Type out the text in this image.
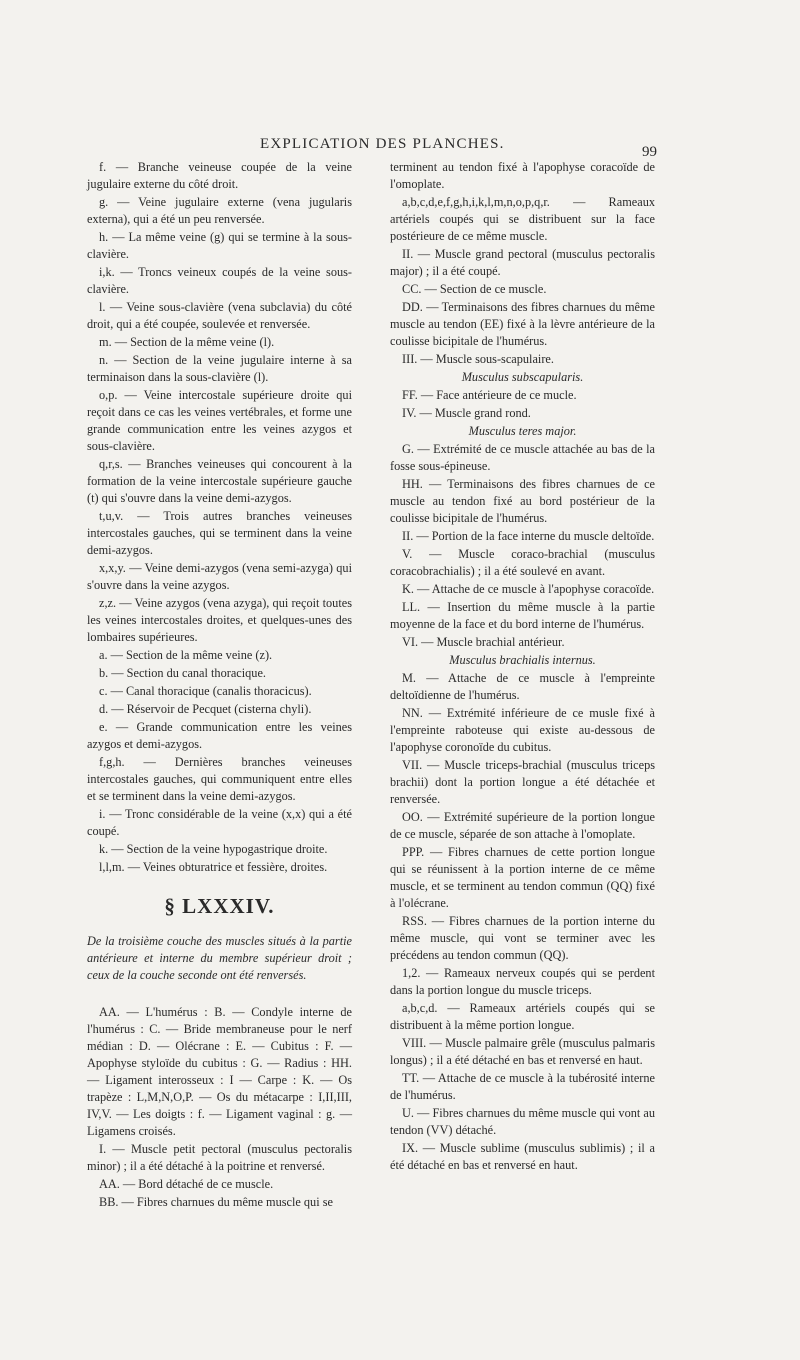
EXPLICATION DES PLANCHES.	99

f. — Branche veineuse coupée de la veine jugulaire externe du côté droit.

g. — Veine jugulaire externe (vena jugularis externa), qui a été un peu renversée.

h. — La même veine (g) qui se termine à la sous-clavière.

i,k. — Troncs veineux coupés de la veine sous-clavière.

l. — Veine sous-clavière (vena subclavia) du côté droit, qui a été coupée, soulevée et renversée.

m. — Section de la même veine (l).

n. — Section de la veine jugulaire interne à sa terminaison dans la sous-clavière (l).

o,p. — Veine intercostale supérieure droite qui reçoit dans ce cas les veines vertébrales, et forme une grande communication entre les veines azygos et sous-clavière.

q,r,s. — Branches veineuses qui concourent à la formation de la veine intercostale supérieure gauche (t) qui s'ouvre dans la veine demi-azygos.

t,u,v. — Trois autres branches veineuses intercostales gauches, qui se terminent dans la veine demi-azygos.

x,x,y. — Veine demi-azygos (vena semi-azyga) qui s'ouvre dans la veine azygos.

z,z. — Veine azygos (vena azyga), qui reçoit toutes les veines intercostales droites, et quelques-unes des lombaires supérieures.

a. — Section de la même veine (z).

b. — Section du canal thoracique.

c. — Canal thoracique (canalis thoracicus).

d. — Réservoir de Pecquet (cisterna chyli).

e. — Grande communication entre les veines azygos et demi-azygos.

f,g,h. — Dernières branches veineuses intercostales gauches, qui communiquent entre elles et se terminent dans la veine demi-azygos.

i. — Tronc considérable de la veine (x,x) qui a été coupé.

k. — Section de la veine hypogastrique droite.

l,l,m. — Veines obturatrice et fessière, droites.

§ LXXXIV.

De la troisième couche des muscles situés à la partie antérieure et interne du membre supérieur droit ; ceux de la couche seconde ont été renversés.

AA. — L'humérus : B. — Condyle interne de l'humérus : C. — Bride membraneuse pour le nerf médian : D. — Olécrane : E. — Cubitus : F. — Apophyse styloïde du cubitus : G. — Radius : HH. — Ligament interosseux : I — Carpe : K. — Os trapèze : L,M,N,O,P. — Os du métacarpe : I,II,III, IV,V. — Les doigts : f. — Ligament vaginal : g. — Ligamens croisés.

I. — Muscle petit pectoral (musculus pectoralis minor) ; il a été détaché à la poitrine et renversé.

AA. — Bord détaché de ce muscle.

BB. — Fibres charnues du même muscle qui se

terminent au tendon fixé à l'apophyse coracoïde de l'omoplate.

a,b,c,d,e,f,g,h,i,k,l,m,n,o,p,q,r. — Rameaux artériels coupés qui se distribuent sur la face postérieure de ce même muscle.

II. — Muscle grand pectoral (musculus pectoralis major) ; il a été coupé.

CC. — Section de ce muscle.

DD. — Terminaisons des fibres charnues du même muscle au tendon (EE) fixé à la lèvre antérieure de la coulisse bicipitale de l'humérus.

III. — Muscle sous-scapulaire.

Musculus subscapularis.

FF. — Face antérieure de ce mucle.

IV. — Muscle grand rond.

Musculus teres major.

G. — Extrémité de ce muscle attachée au bas de la fosse sous-épineuse.

HH. — Terminaisons des fibres charnues de ce muscle au tendon fixé au bord postérieur de la coulisse bicipitale de l'humérus.

II. — Portion de la face interne du muscle deltoïde.

V. — Muscle coraco-brachial (musculus coracobrachialis) ; il a été soulevé en avant.

K. — Attache de ce muscle à l'apophyse coracoïde.

LL. — Insertion du même muscle à la partie moyenne de la face et du bord interne de l'humérus.

VI. — Muscle brachial antérieur.

Musculus brachialis internus.

M. — Attache de ce muscle à l'empreinte deltoïdienne de l'humérus.

NN. — Extrémité inférieure de ce musle fixé à l'empreinte raboteuse qui existe au-dessous de l'apophyse coronoïde du cubitus.

VII. — Muscle triceps-brachial (musculus triceps brachii) dont la portion longue a été détachée et renversée.

OO. — Extrémité supérieure de la portion longue de ce muscle, séparée de son attache à l'omoplate.

PPP. — Fibres charnues de cette portion longue qui se réunissent à la portion interne de ce même muscle, et se terminent au tendon commun (QQ) fixé à l'olécrane.

RSS. — Fibres charnues de la portion interne du même muscle, qui vont se terminer avec les précédens au tendon commun (QQ).

1,2. — Rameaux nerveux coupés qui se perdent dans la portion longue du muscle triceps.

a,b,c,d. — Rameaux artériels coupés qui se distribuent à la même portion longue.

VIII. — Muscle palmaire grêle (musculus palmaris longus) ; il a été détaché en bas et renversé en haut.

TT. — Attache de ce muscle à la tubérosité interne de l'humérus.

U. — Fibres charnues du même muscle qui vont au tendon (VV) détaché.

IX. — Muscle sublime (musculus sublimis) ; il a été détaché en bas et renversé en haut.
